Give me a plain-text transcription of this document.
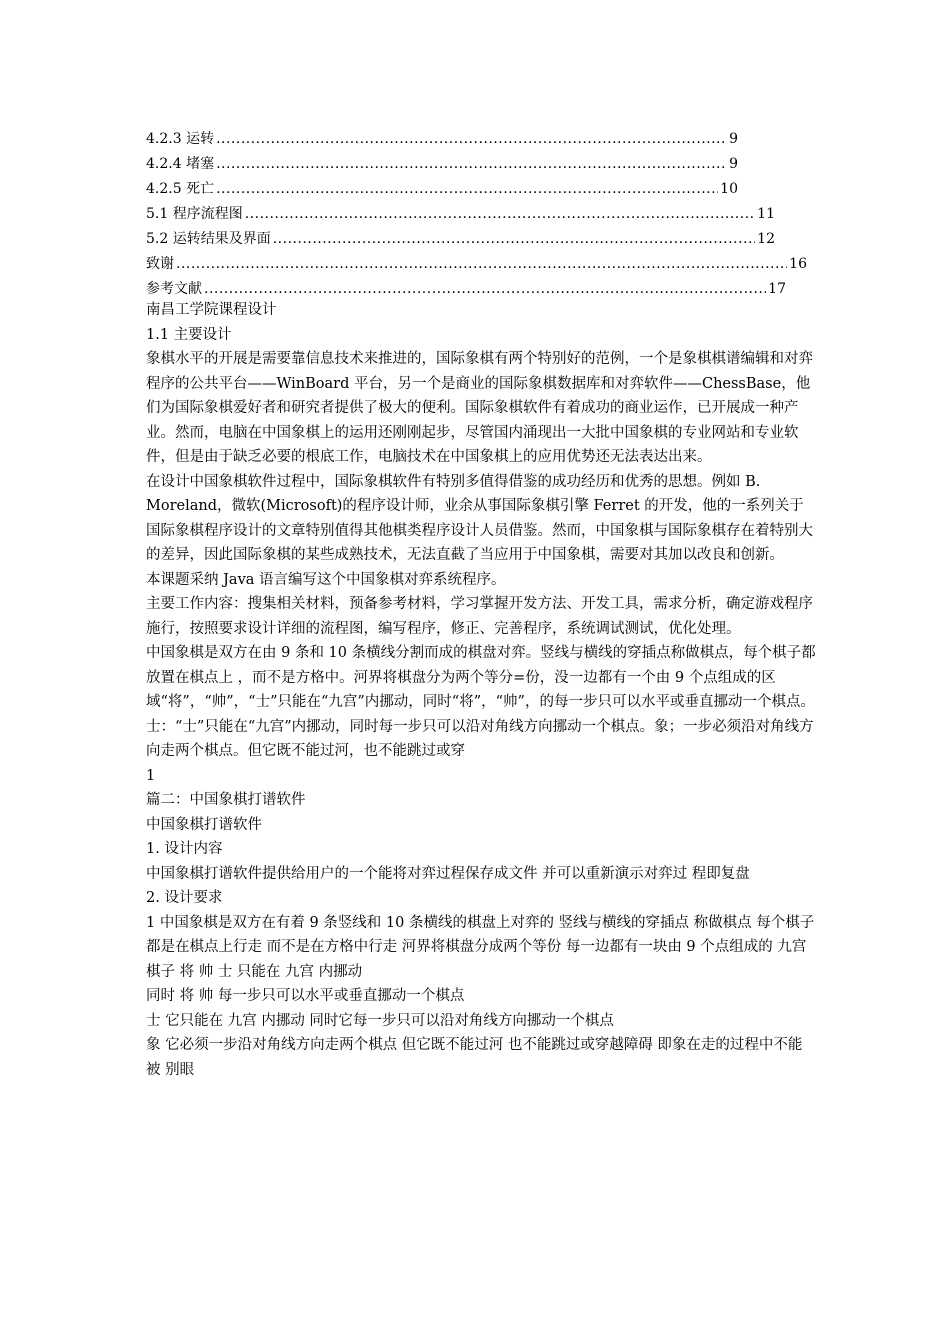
4.2.3 运转 .....	9
4.2.4 堵塞 .....	9
4.2.5 死亡 .....	10
5.1 程序流程图 .....	11
5.2 运转结果及界面 .....	12
致谢 .....	16
参考文献 .....	17

南昌工学院课程设计

1.1 主要设计

象棋水平的开展是需要靠信息技术来推进的，国际象棋有两个特别好的范例，一个是象棋棋谱编辑和对弈程序的公共平台——WinBoard 平台，另一个是商业的国际象棋数据库和对弈软件——ChessBase，他们为国际象棋爱好者和研究者提供了极大的便利。国际象棋软件有着成功的商业运作，已开展成一种产业。然而，电脑在中国象棋上的运用还刚刚起步，尽管国内涌现出一大批中国象棋的专业网站和专业软件，但是由于缺乏必要的根底工作，电脑技术在中国象棋上的应用优势还无法表达出来。

在设计中国象棋软件过程中，国际象棋软件有特别多值得借鉴的成功经历和优秀的思想。例如 B. Moreland，微软(Microsoft)的程序设计师，业余从事国际象棋引擎 Ferret 的开发，他的一系列关于国际象棋程序设计的文章特别值得其他棋类程序设计人员借鉴。然而，中国象棋与国际象棋存在着特别大的差异，因此国际象棋的某些成熟技术，无法直截了当应用于中国象棋，需要对其加以改良和创新。

本课题采纳 Java 语言编写这个中国象棋对弈系统程序。

主要工作内容：搜集相关材料，预备参考材料，学习掌握开发方法、开发工具，需求分析，确定游戏程序施行，按照要求设计详细的流程图，编写程序，修正、完善程序，系统调试测试，优化处理。

中国象棋是双方在由 9 条和 10 条横线分割而成的棋盘对弈。竖线与横线的穿插点称做棋点，每个棋子都放置在棋点上 ，而不是方格中。河界将棋盘分为两个等分=份，没一边都有一个由 9 个点组成的区域“将”，“帅”，“士”只能在“九宫”内挪动，同时“将”，“帅”，的每一步只可以水平或垂直挪动一个棋点。士：“士”只能在“九宫”内挪动，同时每一步只可以沿对角线方向挪动一个棋点。象；一步必须沿对角线方向走两个棋点。但它既不能过河，也不能跳过或穿

1

篇二：中国象棋打谱软件

中国象棋打谱软件

1. 设计内容

中国象棋打谱软件提供给用户的一个能将对弈过程保存成文件 并可以重新演示对弈过 程即复盘

2. 设计要求

1 中国象棋是双方在有着 9 条竖线和 10 条横线的棋盘上对弈的 竖线与横线的穿插点 称做棋点 每个棋子都是在棋点上行走 而不是在方格中行走 河界将棋盘分成两个等份 每一边都有一块由 9 个点组成的 九宫 棋子 将 帅 士 只能在 九宫 内挪动

同时 将 帅 每一步只可以水平或垂直挪动一个棋点

士 它只能在 九宫 内挪动 同时它每一步只可以沿对角线方向挪动一个棋点

象 它必须一步沿对角线方向走两个棋点 但它既不能过河 也不能跳过或穿越障碍 即象在走的过程中不能被 别眼
